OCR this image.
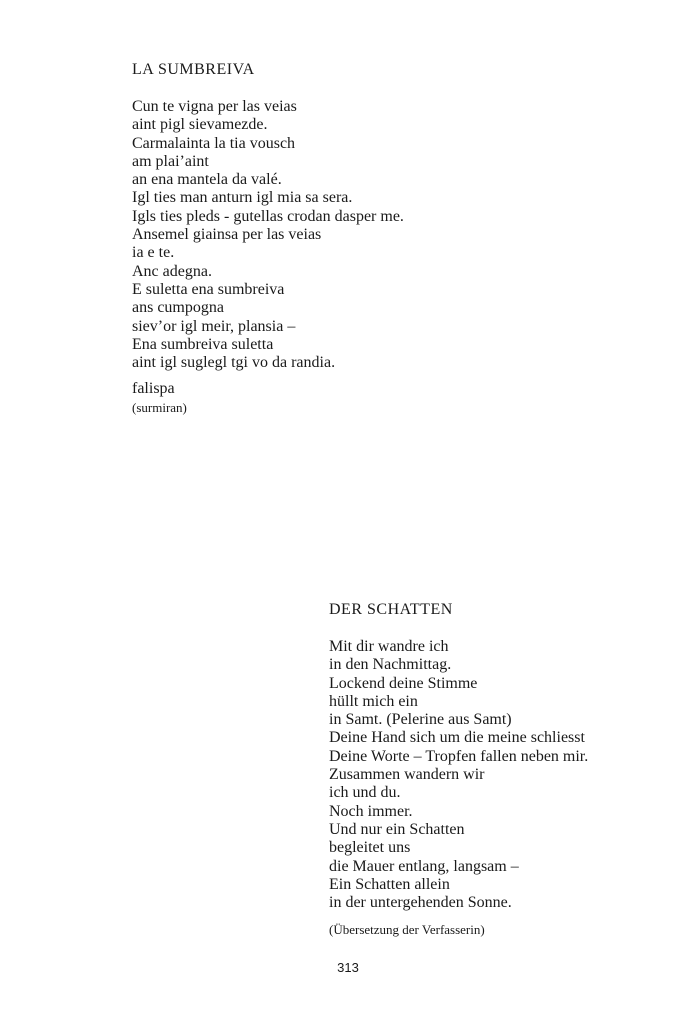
LA SUMBREIVA
Cun te vigna per las veias
aint pigl sievamezde.
Carmalainta la tia vousch
am plai’aint
an ena mantela da valé.
Igl ties man anturn igl mia sa sera.
Igls ties pleds - gutellas crodan dasper me.
Ansemel giainsa per las veias
ia e te.
Anc adegna.
E suletta ena sumbreiva
ans cumpogna
siev’or igl meir, plansia –
Ena sumbreiva suletta
aint igl suglegl tgi vo da randia.
falispa
(surmiran)
DER SCHATTEN
Mit dir wandre ich
in den Nachmittag.
Lockend deine Stimme
hüllt mich ein
in Samt. (Pelerine aus Samt)
Deine Hand sich um die meine schliesst
Deine Worte – Tropfen fallen neben mir.
Zusammen wandern wir
ich und du.
Noch immer.
Und nur ein Schatten
begleitet uns
die Mauer entlang, langsam –
Ein Schatten allein
in der untergehenden Sonne.
(Übersetzung der Verfasserin)
313
